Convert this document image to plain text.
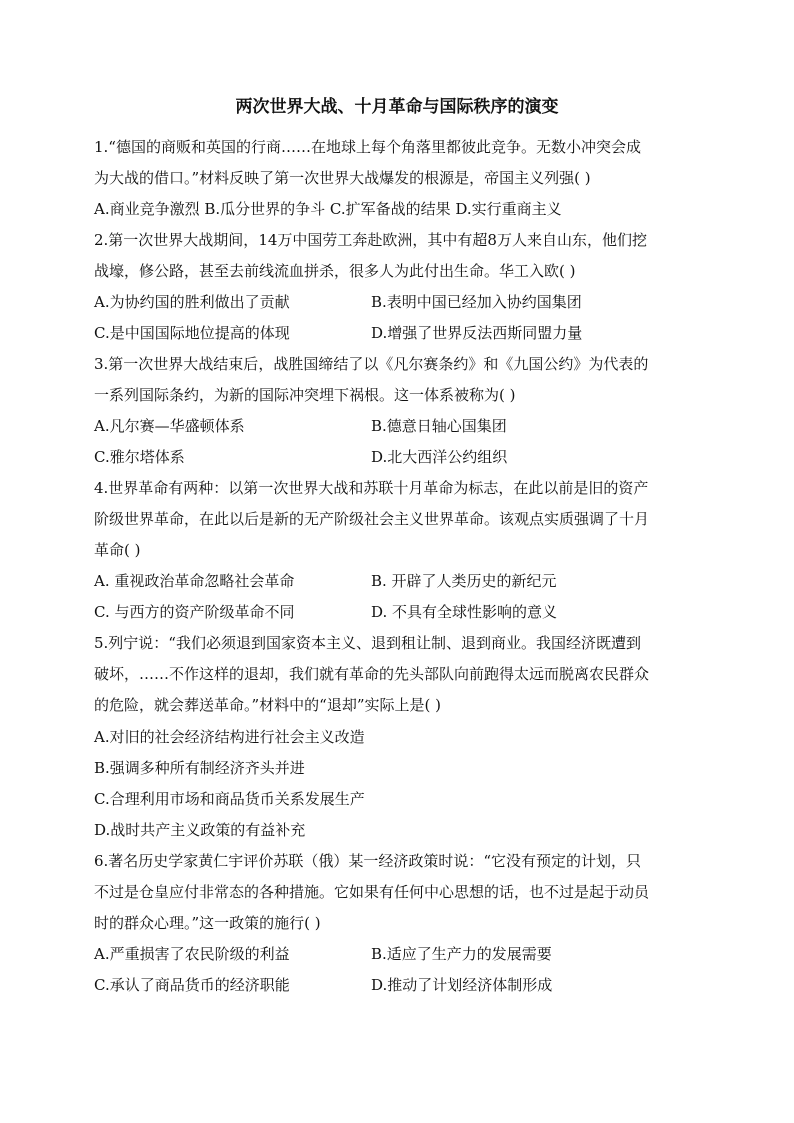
两次世界大战、十月革命与国际秩序的演变
1.“德国的商贩和英国的行商……在地球上每个角落里都彼此竞争。无数小冲突会成
为大战的借口。”材料反映了第一次世界大战爆发的根源是，帝国主义列强( )
A.商业竞争激烈 B.瓜分世界的争斗 C.扩军备战的结果 D.实行重商主义
2.第一次世界大战期间，14万中国劳工奔赴欧洲，其中有超8万人来自山东，他们挖
战壕，修公路，甚至去前线流血拼杀，很多人为此付出生命。华工入欧( )
A.为协约国的胜利做出了贡献	B.表明中国已经加入协约国集团
C.是中国国际地位提高的体现	D.增强了世界反法西斯同盟力量
3.第一次世界大战结束后，战胜国缔结了以《凡尔赛条约》和《九国公约》为代表的
一系列国际条约，为新的国际冲突埋下祸根。这一体系被称为( )
A.凡尔赛—华盛顿体系	B.德意日轴心国集团
C.雅尔塔体系	D.北大西洋公约组织
4.世界革命有两种：以第一次世界大战和苏联十月革命为标志，在此以前是旧的资产
阶级世界革命，在此以后是新的无产阶级社会主义世界革命。该观点实质强调了十月
革命( )
A. 重视政治革命忽略社会革命	B. 开辟了人类历史的新纪元
C. 与西方的资产阶级革命不同	D. 不具有全球性影响的意义
5.列宁说：“我们必须退到国家资本主义、退到租让制、退到商业。我国经济既遭到
破坏，……不作这样的退却，我们就有革命的先头部队向前跑得太远而脱离农民群众
的危险，就会葬送革命。”材料中的“退却”实际上是( )
A.对旧的社会经济结构进行社会主义改造
B.强调多种所有制经济齐头并进
C.合理利用市场和商品货币关系发展生产
D.战时共产主义政策的有益补充
6.著名历史学家黄仁宇评价苏联（俄）某一经济政策时说：“它没有预定的计划，只
不过是仓皇应付非常态的各种措施。它如果有任何中心思想的话，也不过是起于动员
时的群众心理。”这一政策的施行( )
A.严重损害了农民阶级的利益	B.适应了生产力的发展需要
C.承认了商品货币的经济职能	D.推动了计划经济体制形成
